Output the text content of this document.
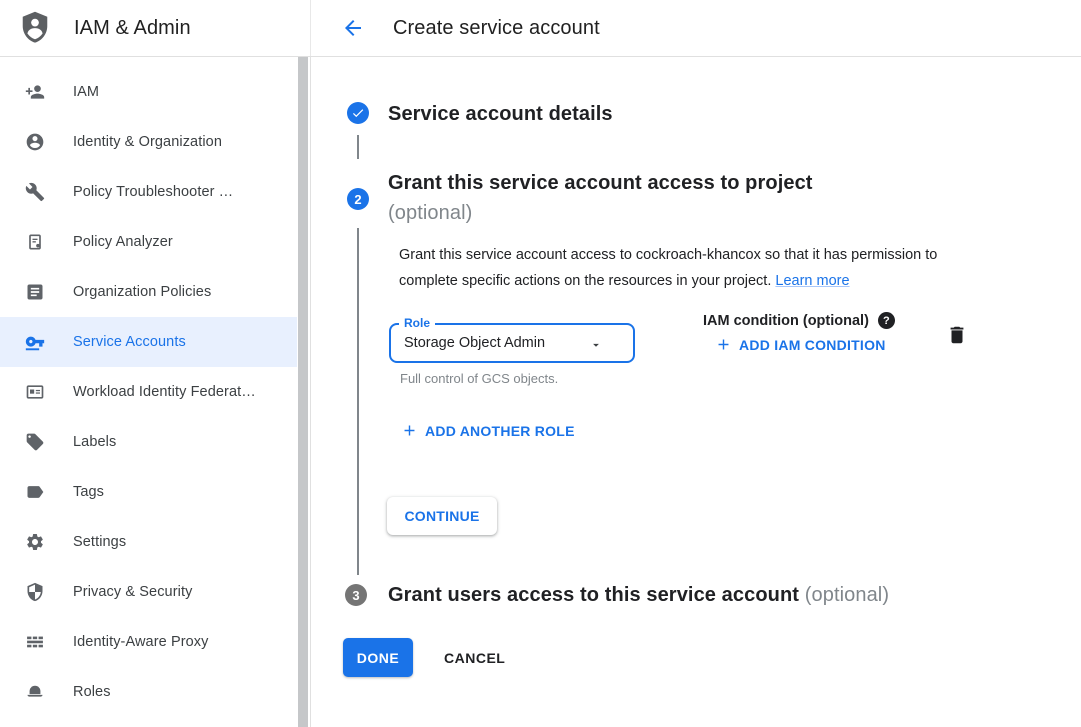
IAM & Admin	Create service account
IAM
Identity & Organization
Policy Troubleshooter …
Policy Analyzer
Organization Policies
Service Accounts
Workload Identity Federat…
Labels
Tags
Settings
Privacy & Security
Identity-Aware Proxy
Roles
Service account details
2
Grant this service account access to project
(optional)

Grant this service account access to cockroach-khancox so that it has permission to complete specific actions on the resources in your project. Learn more

Role
Storage Object Admin
Full control of GCS objects.
IAM condition (optional)	?
ADD IAM CONDITION
ADD ANOTHER ROLE
CONTINUE
3 Grant users access to this service account (optional)
DONE	CANCEL
